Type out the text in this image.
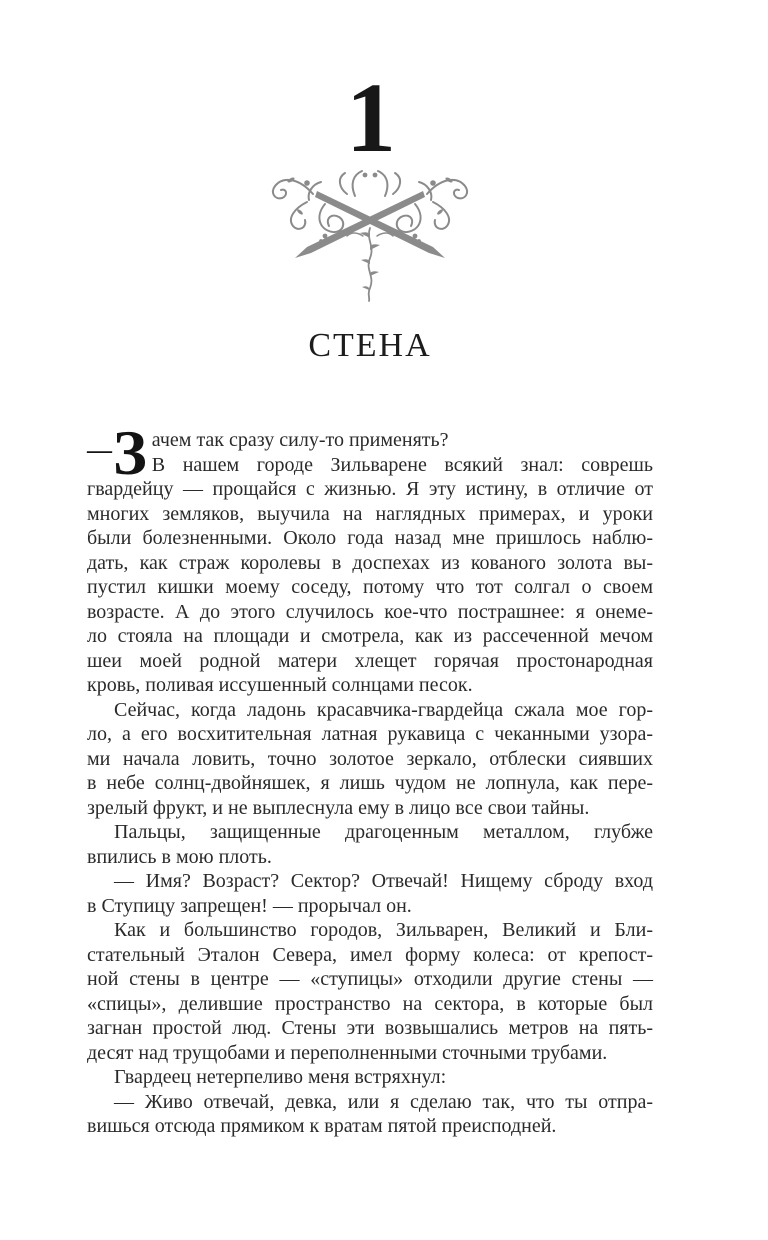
1
СТЕНА
— З ачем так сразу силу-то применять?
В нашем городе Зильварене всякий знал: соврешь
гвардейцу — прощайся с жизнью. Я эту истину, в отличие от
многих земляков, выучила на наглядных примерах, и уроки
были болезненными. Около года назад мне пришлось наблю-
дать, как страж королевы в доспехах из кованого золота вы-
пустил кишки моему соседу, потому что тот солгал о своем
возрасте. А до этого случилось кое-что пострашнее: я онеме-
ло стояла на площади и смотрела, как из рассеченной мечом
шеи моей родной матери хлещет горячая простонародная
кровь, поливая иссушенный солнцами песок.
Сейчас, когда ладонь красавчика-гвардейца сжала мое гор-
ло, а его восхитительная латная рукавица с чеканными узора-
ми начала ловить, точно золотое зеркало, отблески сиявших
в небе солнц-двойняшек, я лишь чудом не лопнула, как пере-
зрелый фрукт, и не выплеснула ему в лицо все свои тайны.
Пальцы, защищенные драгоценным металлом, глубже
впились в мою плоть.
— Имя? Возраст? Сектор? Отвечай! Нищему сброду вход
в Ступицу запрещен! — прорычал он.
Как и большинство городов, Зильварен, Великий и Бли-
стательный Эталон Севера, имел форму колеса: от крепост-
ной стены в центре — «ступицы» отходили другие стены —
«спицы», делившие пространство на сектора, в которые был
загнан простой люд. Стены эти возвышались метров на пять-
десят над трущобами и переполненными сточными трубами.
Гвардеец нетерпеливо меня встряхнул:
— Живо отвечай, девка, или я сделаю так, что ты отпра-
вишься отсюда прямиком к вратам пятой преисподней.
